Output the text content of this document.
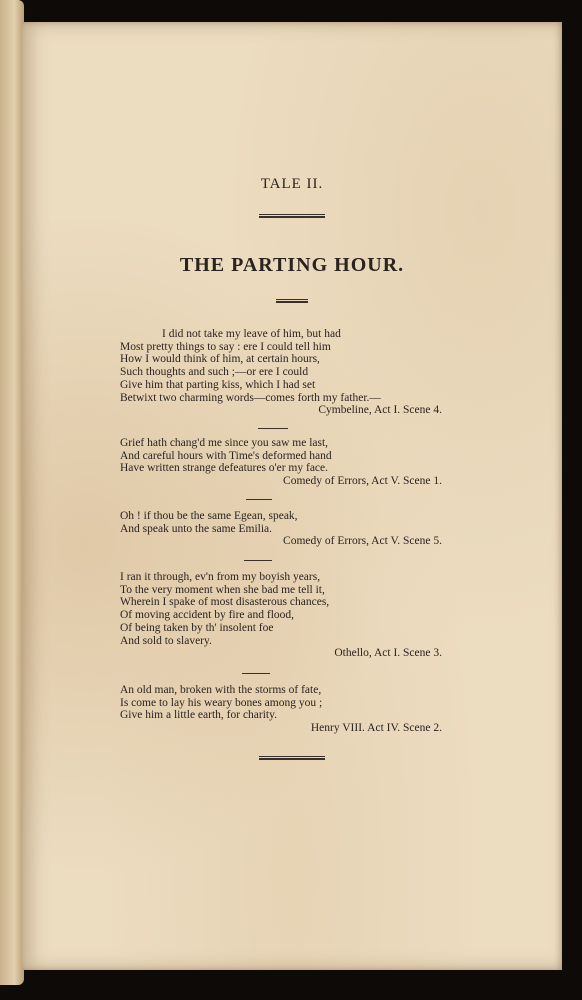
TALE II.
THE PARTING HOUR.
I did not take my leave of him, but had
Most pretty things to say : ere I could tell him
How I would think of him, at certain hours,
Such thoughts and such ;—or ere I could
Give him that parting kiss, which I had set
Betwixt two charming words—comes forth my father.—
Cymbeline, Act I. Scene 4.
Grief hath chang'd me since you saw me last,
And careful hours with Time's deformed hand
Have written strange defeatures o'er my face.
Comedy of Errors, Act V. Scene 1.
Oh ! if thou be the same Egean, speak,
And speak unto the same Emilia.
Comedy of Errors, Act V. Scene 5.
I ran it through, ev'n from my boyish years,
To the very moment when she bad me tell it,
Wherein I spake of most disasterous chances,
Of moving accident by fire and flood,
Of being taken by th' insolent foe
And sold to slavery.
Othello, Act I. Scene 3.
An old man, broken with the storms of fate,
Is come to lay his weary bones among you ;
Give him a little earth, for charity.
Henry VIII. Act IV. Scene 2.
